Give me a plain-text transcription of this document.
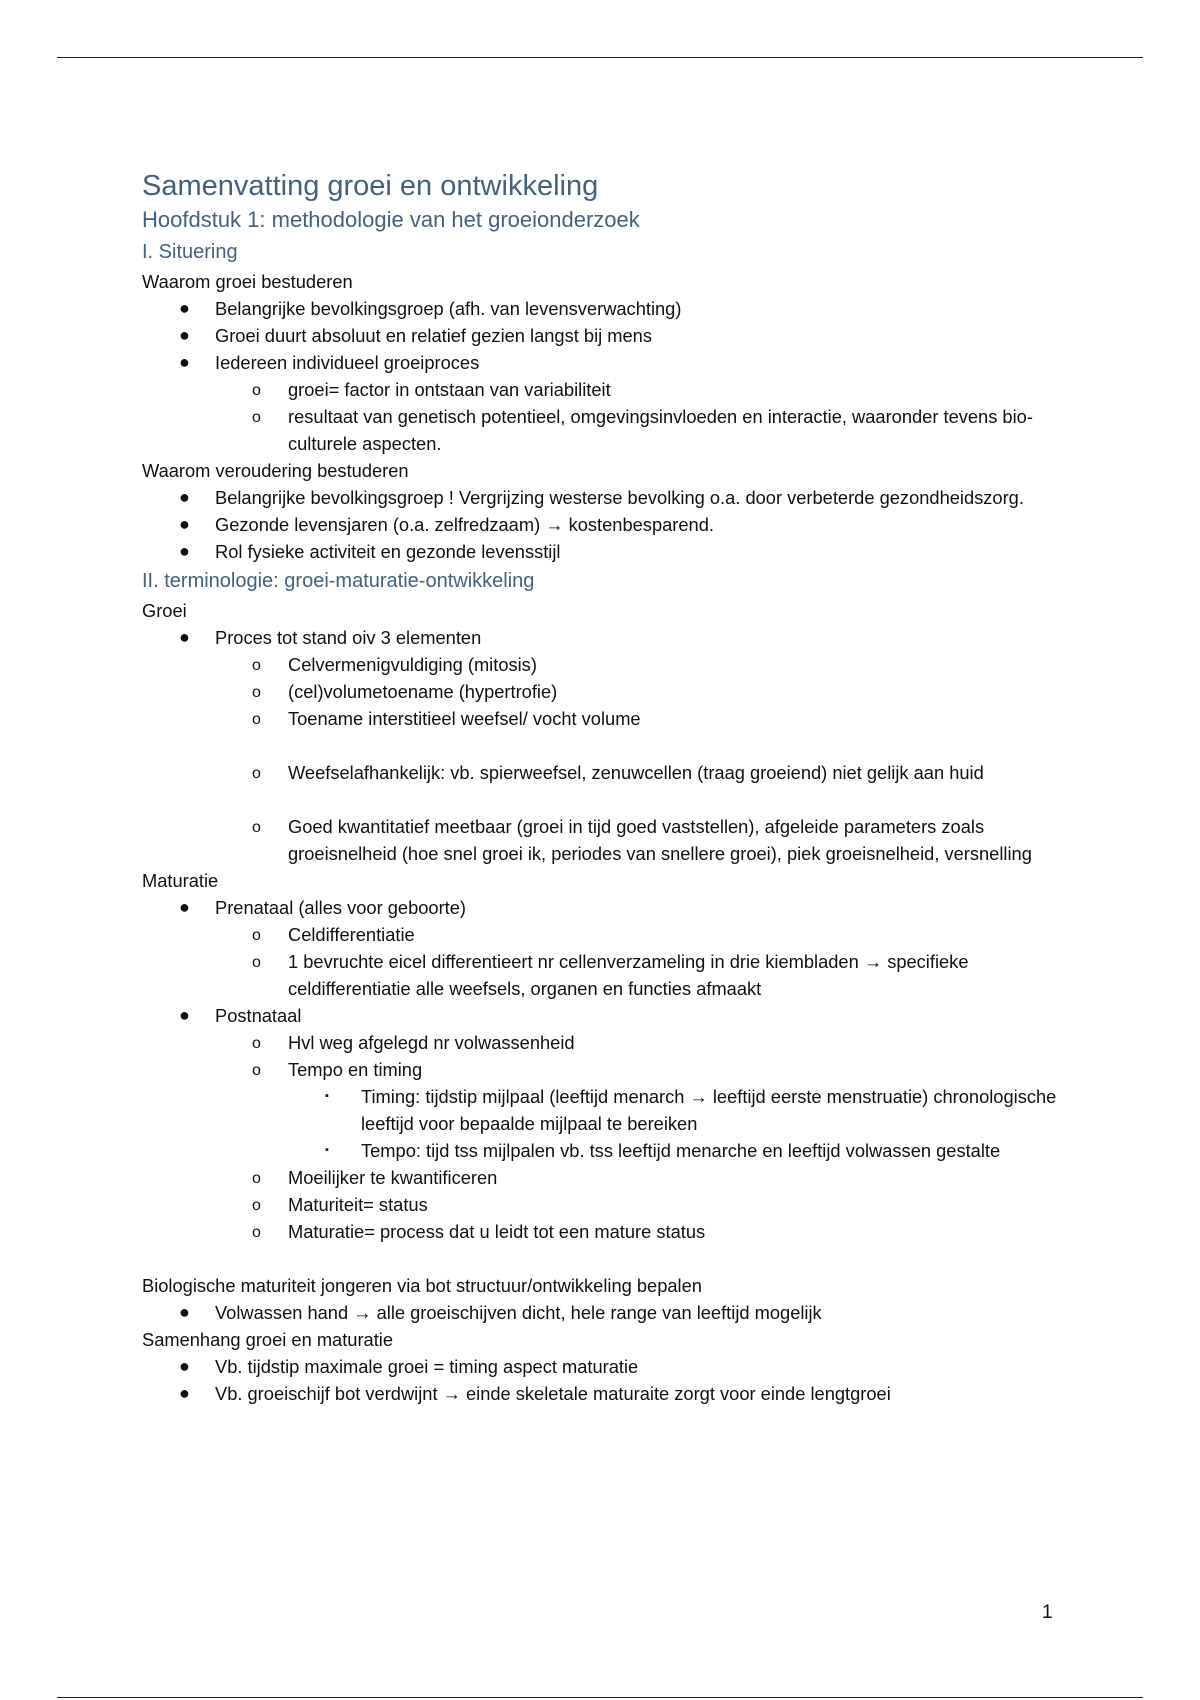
Samenvatting groei en ontwikkeling
Hoofdstuk 1: methodologie van het groeionderzoek
I. Situering

Waarom groei bestuderen

● Belangrijke bevolkingsgroep (afh. van levensverwachting)
● Groei duurt absoluut en relatief gezien langst bij mens
● Iedereen individueel groeiproces
o groei= factor in ontstaan van variabiliteit
o resultaat van genetisch potentieel, omgevingsinvloeden en interactie, waaronder tevens bio-culturele aspecten.

Waarom veroudering bestuderen

● Belangrijke bevolkingsgroep ! Vergrijzing westerse bevolking o.a. door verbeterde gezondheidszorg.
● Gezonde levensjaren (o.a. zelfredzaam) → kostenbesparend.
● Rol fysieke activiteit en gezonde levensstijl
II. terminologie: groei-maturatie-ontwikkeling

Groei

● Proces tot stand oiv 3 elementen
o Celvermenigvuldiging (mitosis)
o (cel)volumetoename (hypertrofie)
o Toename interstitieel weefsel/ vocht volume
o Weefselafhankelijk: vb. spierweefsel, zenuwcellen (traag groeiend) niet gelijk aan huid
o Goed kwantitatief meetbaar (groei in tijd goed vaststellen), afgeleide parameters zoals groeisnelheid (hoe snel groei ik, periodes van snellere groei), piek groeisnelheid, versnelling

Maturatie

● Prenataal (alles voor geboorte)
o Celdifferentiatie
o 1 bevruchte eicel differentieert nr cellenverzameling in drie kiembladen → specifieke celdifferentiatie alle weefsels, organen en functies afmaakt
● Postnataal
o Hvl weg afgelegd nr volwassenheid
o Tempo en timing
▪ Timing: tijdstip mijlpaal (leeftijd menarch → leeftijd eerste menstruatie) chronologische leeftijd voor bepaalde mijlpaal te bereiken
▪ Tempo: tijd tss mijlpalen vb. tss leeftijd menarche en leeftijd volwassen gestalte
o Moeilijker te kwantificeren
o Maturiteit= status
o Maturatie= process dat u leidt tot een mature status

Biologische maturiteit jongeren via bot structuur/ontwikkeling bepalen

● Volwassen hand → alle groeischijven dicht, hele range van leeftijd mogelijk

Samenhang groei en maturatie

● Vb. tijdstip maximale groei = timing aspect maturatie
● Vb. groeischijf bot verdwijnt → einde skeletale maturaite zorgt voor einde lengtgroei
1
